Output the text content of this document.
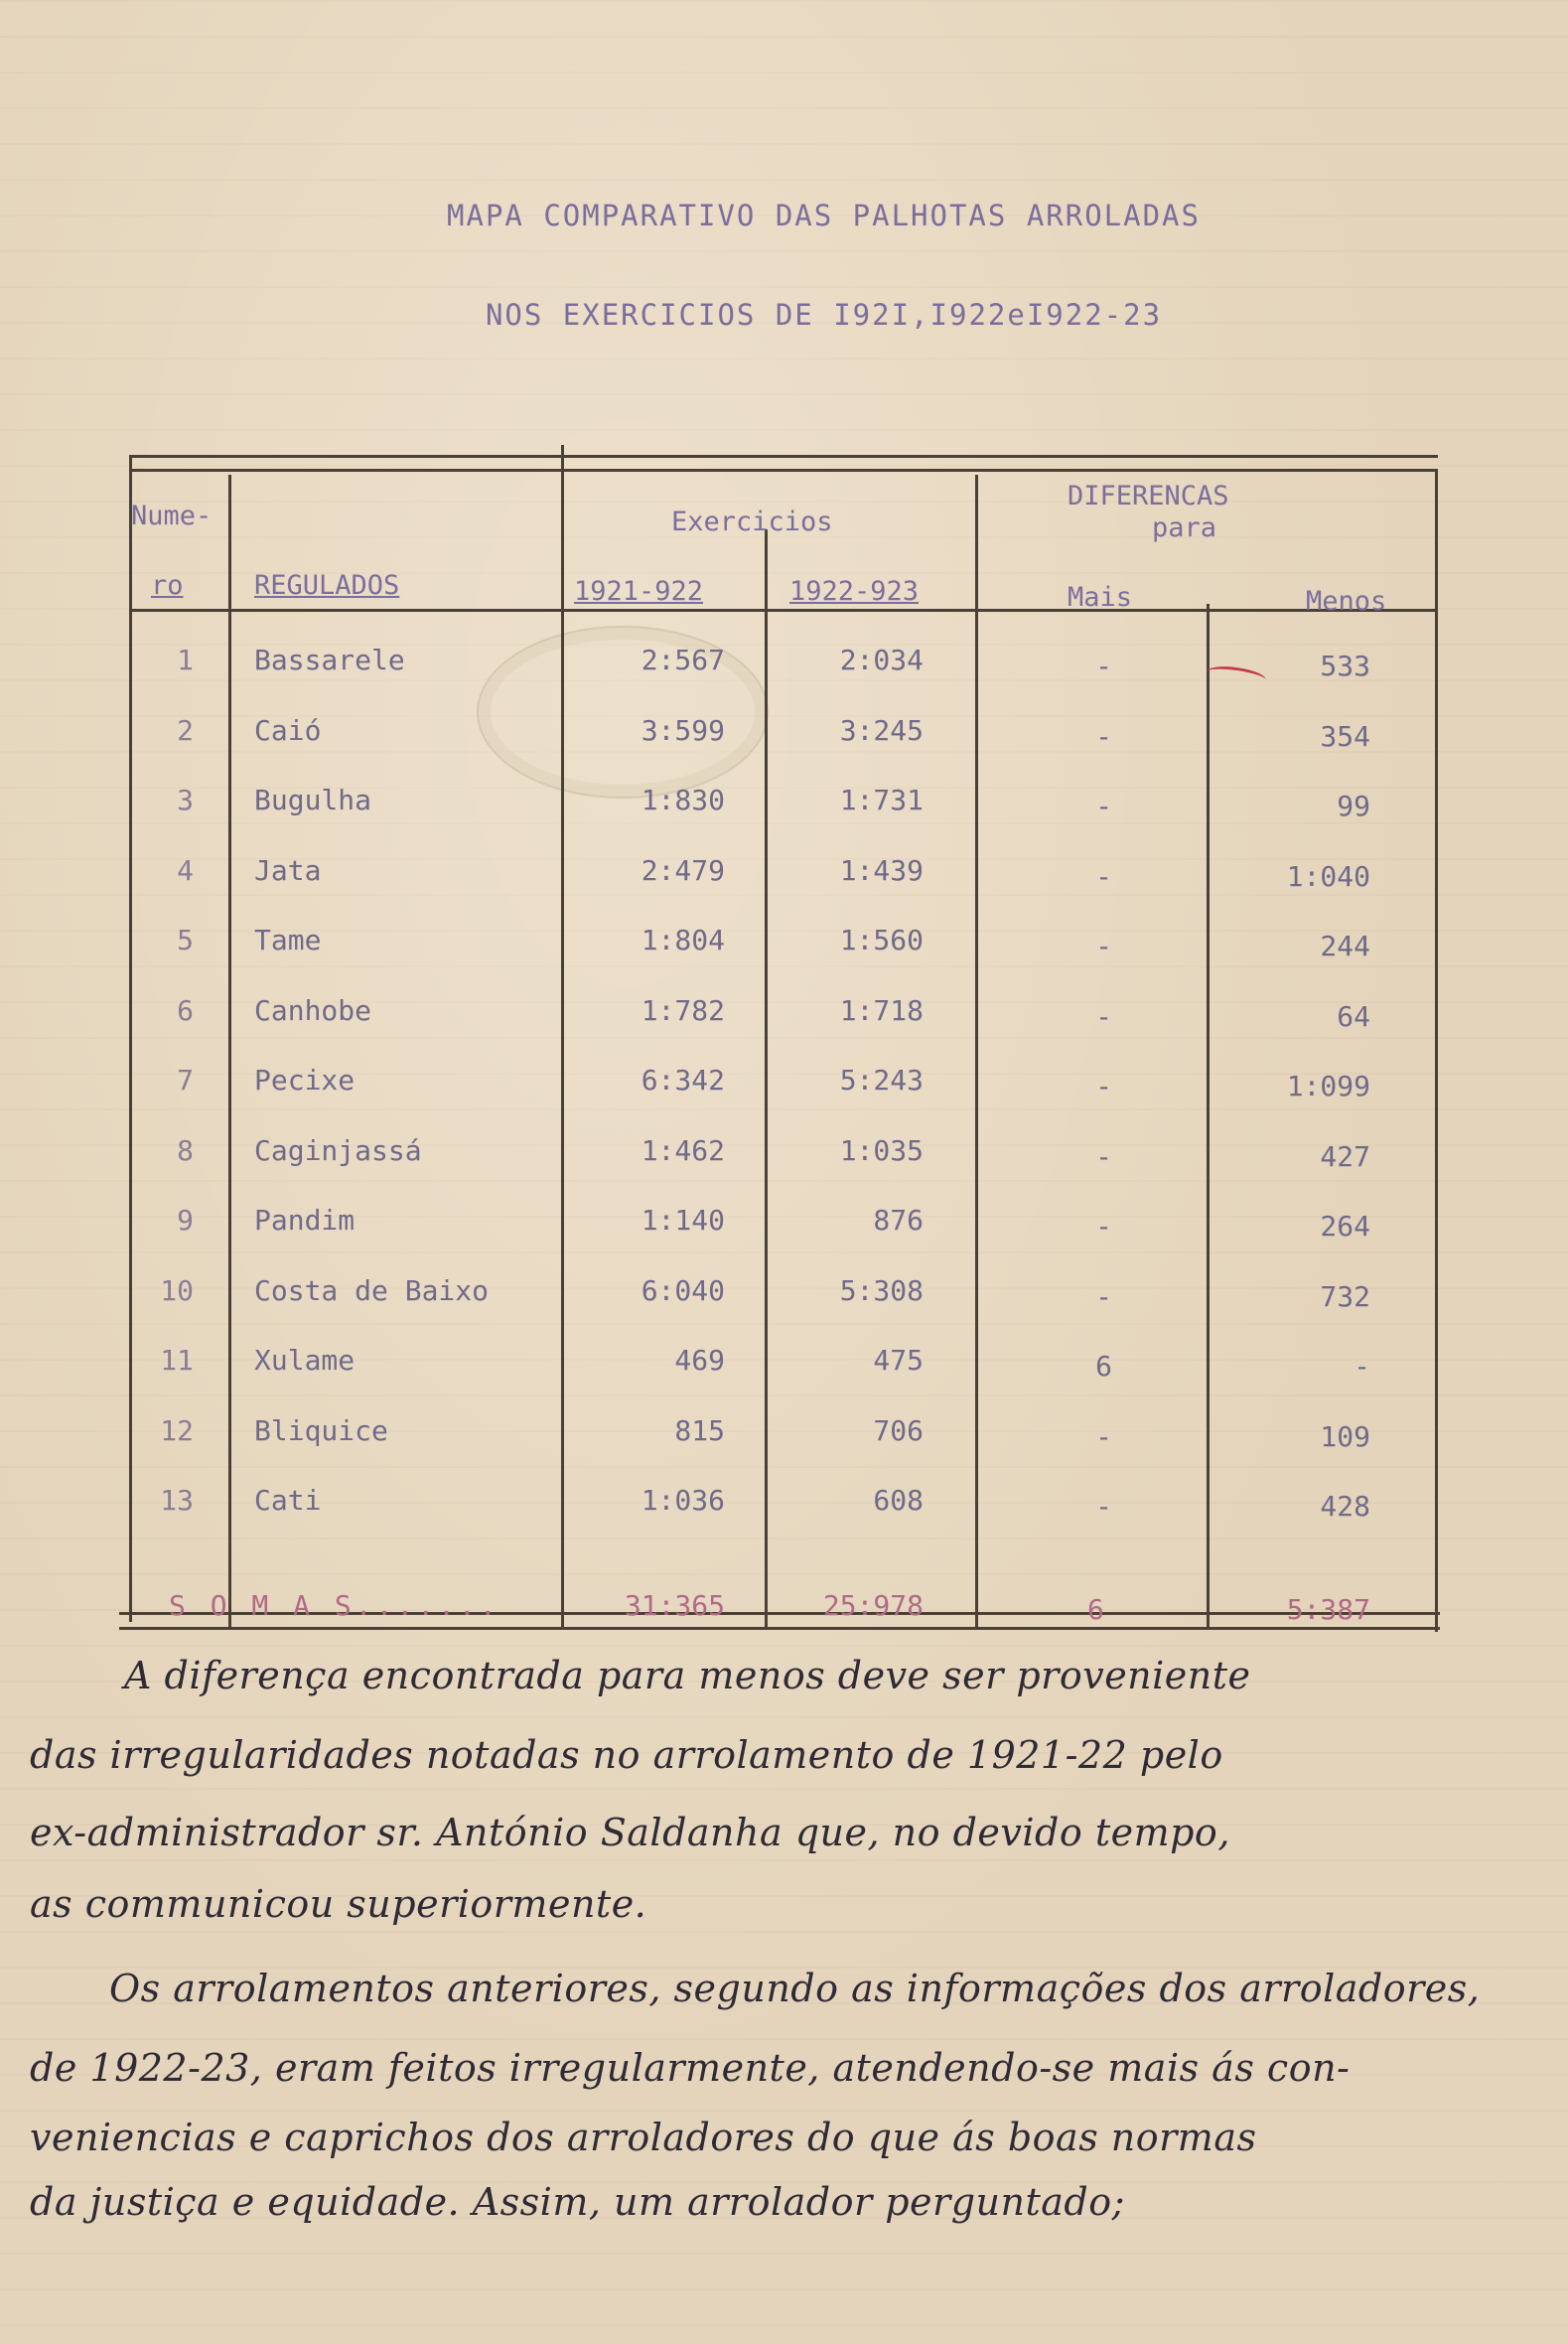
MAPA COMPARATIVO DAS PALHOTAS ARROLADAS
NOS EXERCICIOS DE I92I,I922eI922-23
Nume-
ro	REGULADOS
Exercicios
1921-922	1922-923
DIFERENCAS
para
Mais	Menos
1 Bassarele	2:567	2:034	-	533
2 Caió	3:599	3:245	-	354
3 Bugulha	1:830	1:731	-	99
4 Jata	2:479	1:439	-	1:040
5 Tame	1:804	1:560	-	244
6 Canhobe	1:782	1:718	-	64
7 Pecixe	6:342	5:243	-	1:099
8 Caginjassá	1:462	1:035	-	427
9 Pandim	1:140	876	-	264
10 Costa de Baixo	6:040	5:308	-	732
11 Xulame	469	475	6	-
12 Bliquice	815	706	-	109
13 Cati	1:036	608	-	428
S O M A S.......	31:365	25:978	6	5:387
A diferença encontrada para menos deve ser proveniente
das irregularidades notadas no arrolamento de 1921-22 pelo
ex-administrador sr. António Saldanha que, no devido tempo,
as communicou superiormente.
Os arrolamentos anteriores, segundo as informações dos arroladores,
de 1922-23, eram feitos irregularmente, atendendo-se mais ás con-
veniencias e caprichos dos arroladores do que ás boas normas
da justiça e equidade. Assim, um arrolador perguntado;
